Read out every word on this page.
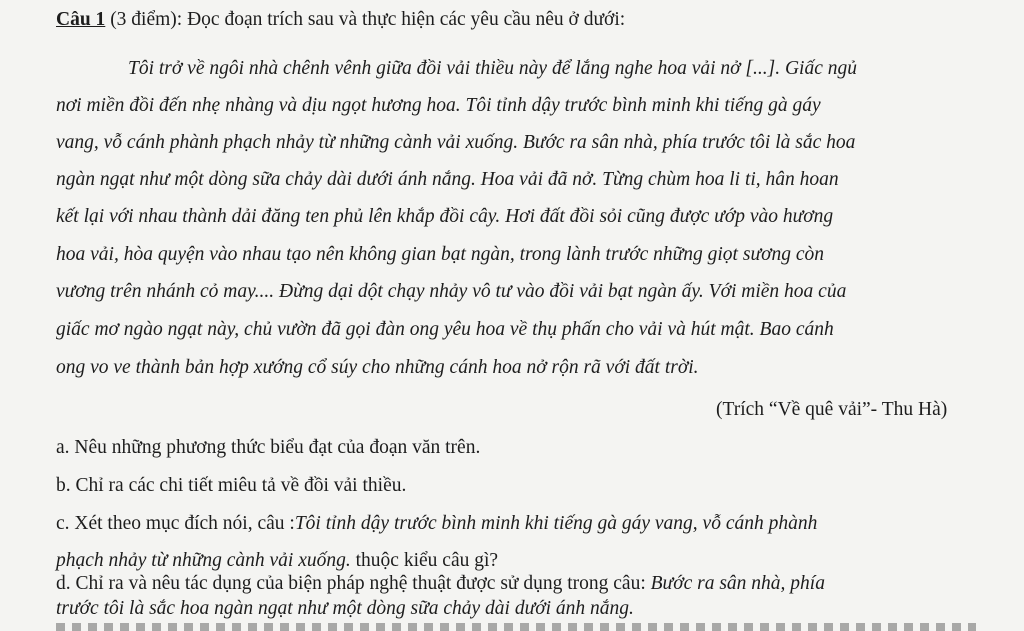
Câu 1 (3 điểm): Đọc đoạn trích sau và thực hiện các yêu cầu nêu ở dưới:
Tôi trở về ngôi nhà chênh vênh giữa đồi vải thiều này để lắng nghe hoa vải nở [...]. Giấc ngủ
nơi miền đồi đến nhẹ nhàng và dịu ngọt hương hoa. Tôi tỉnh dậy trước bình minh khi tiếng gà gáy
vang, vỗ cánh phành phạch nhảy từ những cành vải xuống. Bước ra sân nhà, phía trước tôi là sắc hoa
ngàn ngạt như một dòng sữa chảy dài dưới ánh nắng. Hoa vải đã nở. Từng chùm hoa li ti, hân hoan
kết lại với nhau thành dải đăng ten phủ lên khắp đồi cây. Hơi đất đồi sỏi cũng được ướp vào hương
hoa vải, hòa quyện vào nhau tạo nên không gian bạt ngàn, trong lành trước những giọt sương còn
vương trên nhánh cỏ may.... Đừng dại dột chạy nhảy vô tư vào đồi vải bạt ngàn ấy. Với miền hoa của
giấc mơ ngào ngạt này, chủ vườn đã gọi đàn ong yêu hoa về thụ phấn cho vải và hút mật. Bao cánh
ong vo ve thành bản hợp xướng cổ súy cho những cánh hoa nở rộn rã với đất trời.
(Trích “Về quê vải”- Thu Hà)
a. Nêu những phương thức biểu đạt của đoạn văn trên.
b. Chỉ ra các chi tiết miêu tả về đồi vải thiều.
c. Xét theo mục đích nói, câu :Tôi tỉnh dậy trước bình minh khi tiếng gà gáy vang, vỗ cánh phành
phạch nhảy từ những cành vải xuống. thuộc kiểu câu gì?
d. Chỉ ra và nêu tác dụng của biện pháp nghệ thuật được sử dụng trong câu: Bước ra sân nhà, phía
trước tôi là sắc hoa ngàn ngạt như một dòng sữa chảy dài dưới ánh nắng.
